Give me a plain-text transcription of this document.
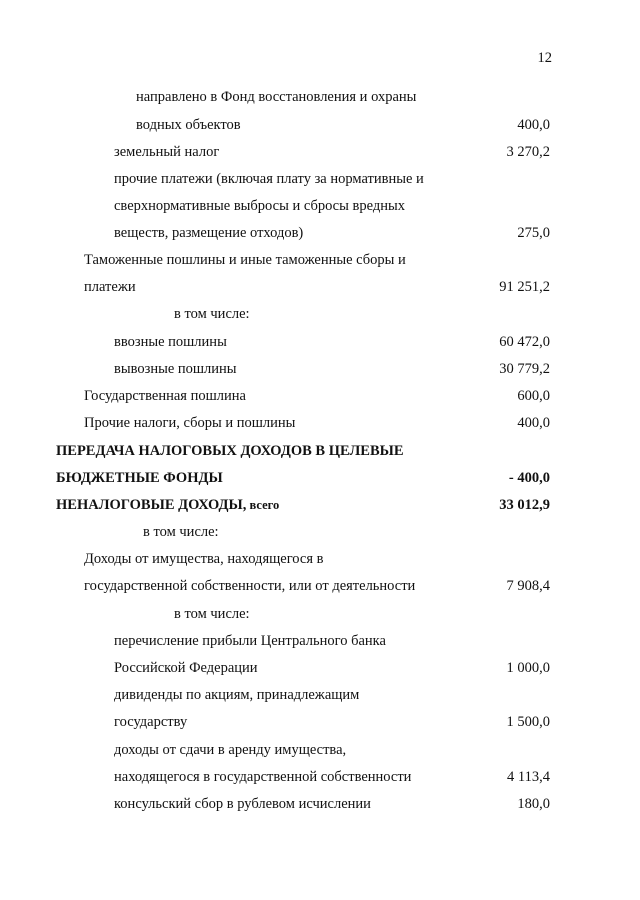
12
направлено в Фонд восстановления и охраны
водных объектов	400,0
земельный налог	3 270,2
прочие платежи (включая плату за нормативные и
сверхнормативные выбросы и сбросы вредных
веществ, размещение отходов)	275,0
Таможенные пошлины и иные таможенные сборы и
платежи	91 251,2
в том числе:
ввозные пошлины	60 472,0
вывозные пошлины	30 779,2
Государственная пошлина	600,0
Прочие налоги, сборы и пошлины	400,0
ПЕРЕДАЧА НАЛОГОВЫХ ДОХОДОВ В ЦЕЛЕВЫЕ
БЮДЖЕТНЫЕ ФОНДЫ	- 400,0
НЕНАЛОГОВЫЕ ДОХОДЫ, всего	33 012,9
в том числе:
Доходы от имущества, находящегося в
государственной собственности, или от деятельности	7 908,4
в том числе:
перечисление прибыли Центрального банка
Российской Федерации	1 000,0
дивиденды по акциям, принадлежащим
государству	1 500,0
доходы от сдачи в аренду имущества,
находящегося в государственной собственности	4 113,4
консульский сбор в рублевом исчислении	180,0
